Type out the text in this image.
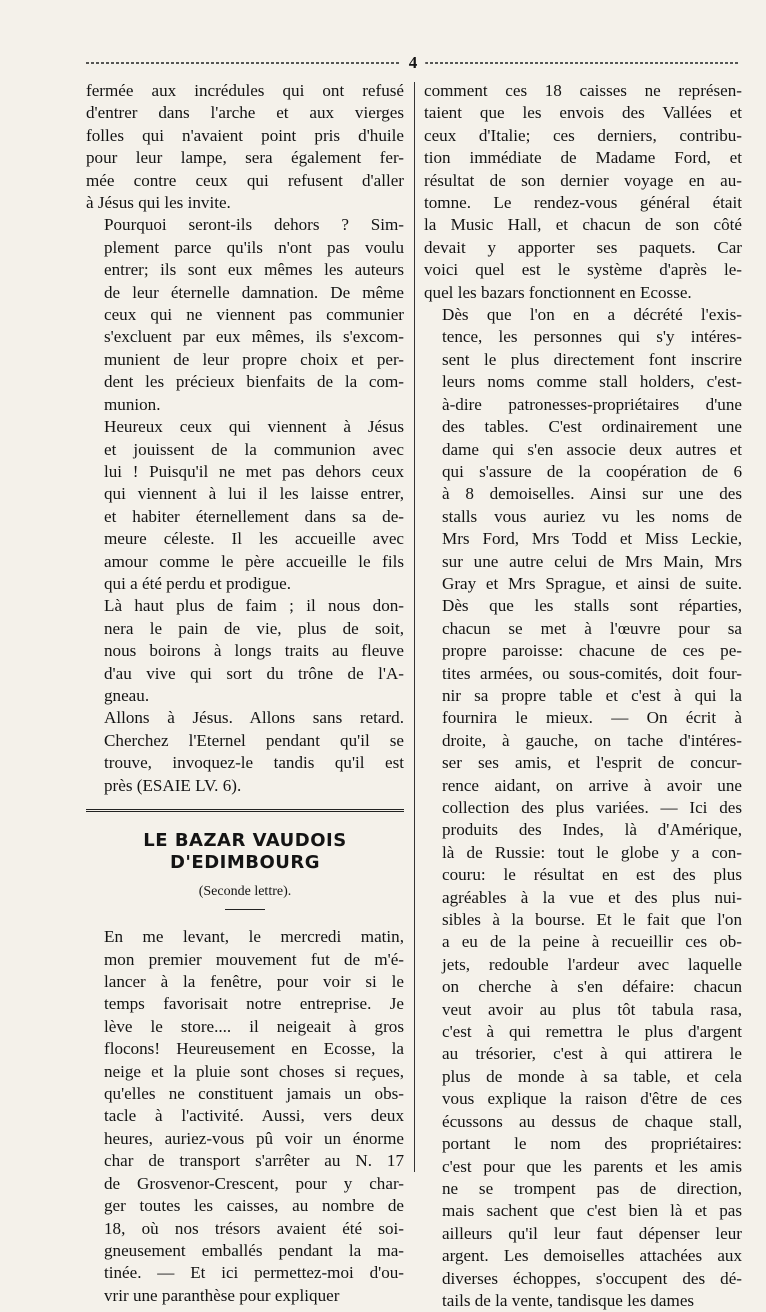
4

fermée aux incrédules qui ont refusé
d'entrer dans l'arche et aux vierges
folles qui n'avaient point pris d'huile
pour leur lampe, sera également fer-
mée contre ceux qui refusent d'aller
à Jésus qui les invite.

Pourquoi seront-ils dehors ? Sim-
plement parce qu'ils n'ont pas voulu
entrer; ils sont eux mêmes les auteurs
de leur éternelle damnation. De même
ceux qui ne viennent pas communier
s'excluent par eux mêmes, ils s'excom-
munient de leur propre choix et per-
dent les précieux bienfaits de la com-
munion.

Heureux ceux qui viennent à Jésus
et jouissent de la communion avec
lui ! Puisqu'il ne met pas dehors ceux
qui viennent à lui il les laisse entrer,
et habiter éternellement dans sa de-
meure céleste. Il les accueille avec
amour comme le père accueille le fils
qui a été perdu et prodigue.

Là haut plus de faim ; il nous don-
nera le pain de vie, plus de soit,
nous boirons à longs traits au fleuve
d'au vive qui sort du trône de l'A-
gneau.

Allons à Jésus. Allons sans retard.
Cherchez l'Eternel pendant qu'il se
trouve, invoquez-le tandis qu'il est
près (ESAIE LV. 6).

LE BAZAR VAUDOIS D'EDIMBOURG
(Seconde lettre).

En me levant, le mercredi matin,
mon premier mouvement fut de m'é-
lancer à la fenêtre, pour voir si le
temps favorisait notre entreprise. Je
lève le store.... il neigeait à gros
flocons! Heureusement en Ecosse, la
neige et la pluie sont choses si reçues,
qu'elles ne constituent jamais un obs-
tacle à l'activité. Aussi, vers deux
heures, auriez-vous pû voir un énorme
char de transport s'arrêter au N. 17
de Grosvenor-Crescent, pour y char-
ger toutes les caisses, au nombre de
18, où nos trésors avaient été soi-
gneusement emballés pendant la ma-
tinée. — Et ici permettez-moi d'ou-
vrir une paranthèse pour expliquer

comment ces 18 caisses ne représen-
taient que les envois des Vallées et
ceux d'Italie; ces derniers, contribu-
tion immédiate de Madame Ford, et
résultat de son dernier voyage en au-
tomne. Le rendez-vous général était
la Music Hall, et chacun de son côté
devait y apporter ses paquets. Car
voici quel est le système d'après le-
quel les bazars fonctionnent en Ecosse.

Dès que l'on en a décrété l'exis-
tence, les personnes qui s'y intéres-
sent le plus directement font inscrire
leurs noms comme stall holders, c'est-
à-dire patronesses-propriétaires d'une
des tables. C'est ordinairement une
dame qui s'en associe deux autres et
qui s'assure de la coopération de 6
à 8 demoiselles. Ainsi sur une des
stalls vous auriez vu les noms de
Mrs Ford, Mrs Todd et Miss Leckie,
sur une autre celui de Mrs Main, Mrs
Gray et Mrs Sprague, et ainsi de suite.
Dès que les stalls sont réparties,
chacun se met à l'œuvre pour sa
propre paroisse: chacune de ces pe-
tites armées, ou sous-comités, doit four-
nir sa propre table et c'est à qui la
fournira le mieux. — On écrit à
droite, à gauche, on tache d'intéres-
ser ses amis, et l'esprit de concur-
rence aidant, on arrive à avoir une
collection des plus variées. — Ici des
produits des Indes, là d'Amérique,
là de Russie: tout le globe y a con-
couru: le résultat en est des plus
agréables à la vue et des plus nui-
sibles à la bourse. Et le fait que l'on
a eu de la peine à recueillir ces ob-
jets, redouble l'ardeur avec laquelle
on cherche à s'en défaire: chacun
veut avoir au plus tôt tabula rasa,
c'est à qui remettra le plus d'argent
au trésorier, c'est à qui attirera le
plus de monde à sa table, et cela
vous explique la raison d'être de ces
écussons au dessus de chaque stall,
portant le nom des propriétaires:
c'est pour que les parents et les amis
ne se trompent pas de direction,
mais sachent que c'est bien là et pas
ailleurs qu'il leur faut dépenser leur
argent. Les demoiselles attachées aux
diverses échoppes, s'occupent des dé-
tails de la vente, tandisque les dames
